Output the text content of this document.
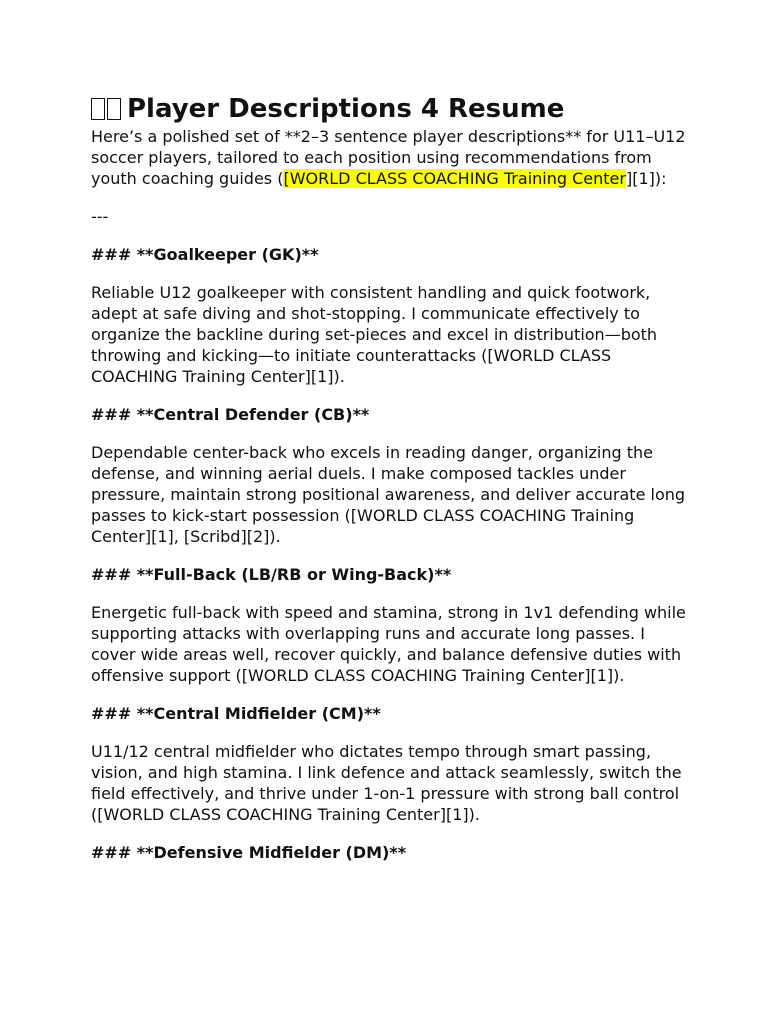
Player Descriptions 4 Resume

Here’s a polished set of **2–3 sentence player descriptions** for U11–U12 soccer players, tailored to each position using recommendations from youth coaching guides ([WORLD CLASS COACHING Training Center][1]):

---

### **Goalkeeper (GK)**

Reliable U12 goalkeeper with consistent handling and quick footwork, adept at safe diving and shot-stopping. I communicate effectively to organize the backline during set-pieces and excel in distribution—both throwing and kicking—to initiate counterattacks ([WORLD CLASS COACHING Training Center][1]).

### **Central Defender (CB)**

Dependable center-back who excels in reading danger, organizing the defense, and winning aerial duels. I make composed tackles under pressure, maintain strong positional awareness, and deliver accurate long passes to kick-start possession ([WORLD CLASS COACHING Training Center][1], [Scribd][2]).

### **Full-Back (LB/RB or Wing-Back)**

Energetic full-back with speed and stamina, strong in 1v1 defending while supporting attacks with overlapping runs and accurate long passes. I cover wide areas well, recover quickly, and balance defensive duties with offensive support ([WORLD CLASS COACHING Training Center][1]).

### **Central Midfielder (CM)**

U11/12 central midfielder who dictates tempo through smart passing, vision, and high stamina. I link defence and attack seamlessly, switch the field effectively, and thrive under 1-on-1 pressure with strong ball control ([WORLD CLASS COACHING Training Center][1]).

### **Defensive Midfielder (DM)**
